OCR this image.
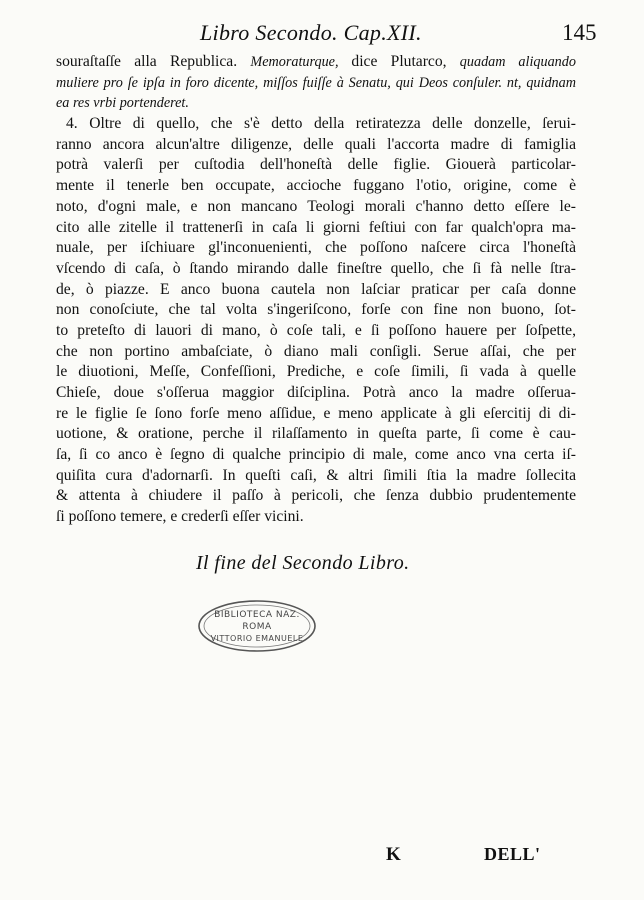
Libro Secondo. Cap.XII.	145
souraſtaſſe alla Republica. Memoraturque, dice Plutarco, quadam aliquando
muliere pro ſe ipſa in foro dicente, miſſos fuiſſe à Senatu, qui Deos conſuler. nt, quidnam
ea res vrbi portenderet.
4. Oltre di quello, che s'è detto della retiratezza delle donzelle, ſerui-
ranno ancora alcun'altre diligenze, delle quali l'accorta madre di famiglia
potrà valerſi per cuſtodia dell'honeſtà delle figlie. Giouerà particolar-
mente il tenerle ben occupate, accioche fuggano l'otio, origine, come è
noto, d'ogni male, e non mancano Teologi morali c'hanno detto eſſere le-
cito alle zitelle il trattenerſi in caſa li giorni feſtiui con far qualch'opra ma-
nuale, per iſchiuare gl'inconuenienti, che poſſono naſcere circa l'honeſtà
vſcendo di caſa, ò ſtando mirando dalle fineſtre quello, che ſi fà nelle ſtra-
de, ò piazze. E anco buona cautela non laſciar praticar per caſa donne
non conoſciute, che tal volta s'ingeriſcono, forſe con fine non buono, ſot-
to preteſto di lauori di mano, ò coſe tali, e ſi poſſono hauere per ſoſpette,
che non portino ambaſciate, ò diano mali conſigli. Serue aſſai, che per
le diuotioni, Meſſe, Confeſſioni, Prediche, e coſe ſimili, ſi vada à quelle
Chieſe, doue s'oſſerua maggior diſciplina. Potrà anco la madre oſſerua-
re le figlie ſe ſono forſe meno aſſidue, e meno applicate à gli eſercitij di di-
uotione, & oratione, perche il rilaſſamento in queſta parte, ſi come è cau-
ſa, ſi co anco è ſegno di qualche principio di male, come anco vna certa iſ-
quiſita cura d'adornarſi. In queſti caſi, & altri ſimili ſtia la madre ſollecita
& attenta à chiudere il paſſo à pericoli, che ſenza dubbio prudentemente
ſi poſſono temere, e crederſi eſſer vicini.
Il fine del Secondo Libro.
BIBLIOTECA NAZ.
ROMA
VITTORIO EMANUELE
K	DELL'
